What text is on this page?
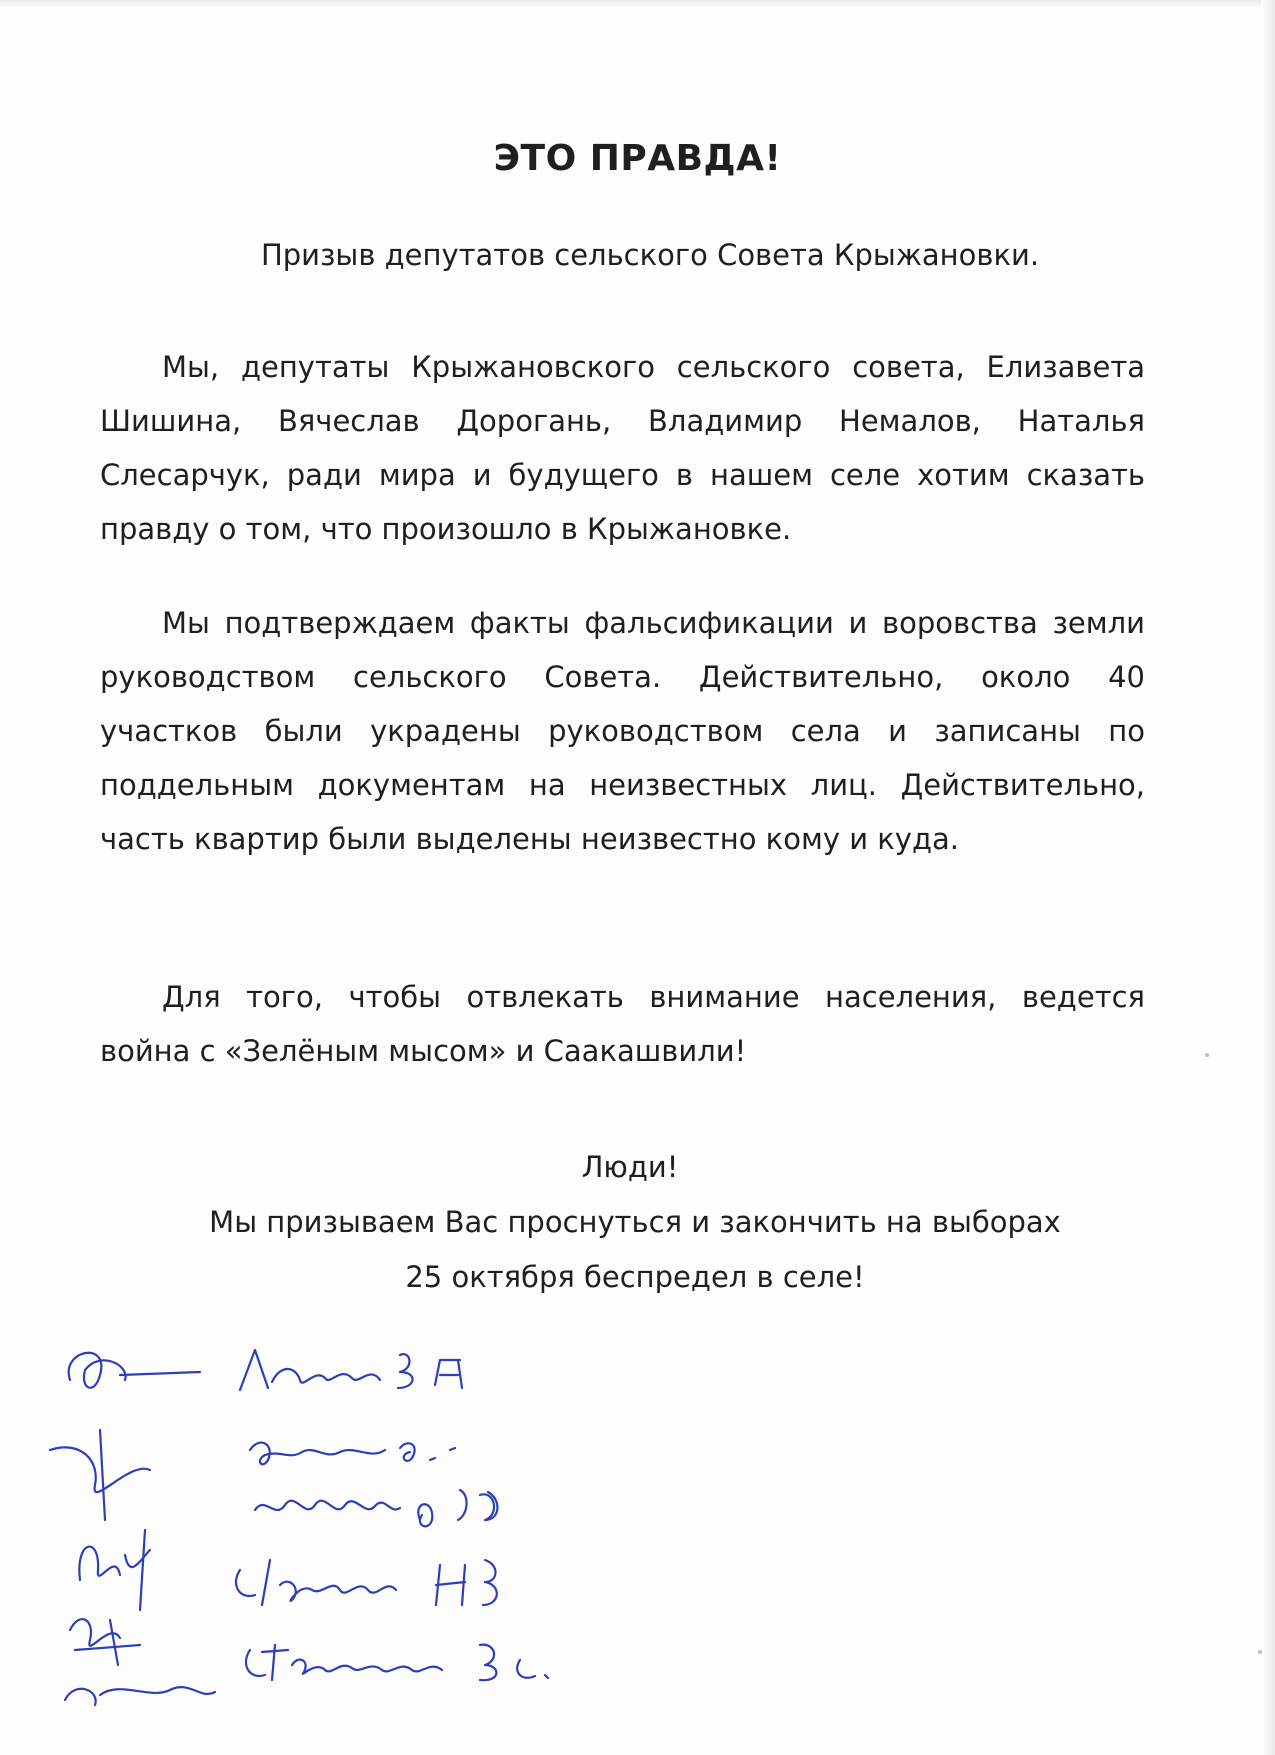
ЭТО ПРАВДА!
Призыв депутатов сельского Совета Крыжановки.
Мы, депутаты Крыжановского сельского совета, Елизавета Шишина, Вячеслав Дорогань, Владимир Немалов, Наталья Слесарчук, ради мира и будущего в нашем селе хотим сказать правду о том, что произошло в Крыжановке.
Мы подтверждаем факты фальсификации и воровства земли руководством сельского Совета. Действительно, около 40 участков были украдены руководством села и записаны по поддельным документам на неизвестных лиц. Действительно, часть квартир были выделены неизвестно кому и куда.
Для того, чтобы отвлекать внимание населения, ведется война с «Зелёным мысом» и Саакашвили!
Люди!
Мы призываем Вас проснуться и закончить на выборах
25 октября беспредел в селе!
